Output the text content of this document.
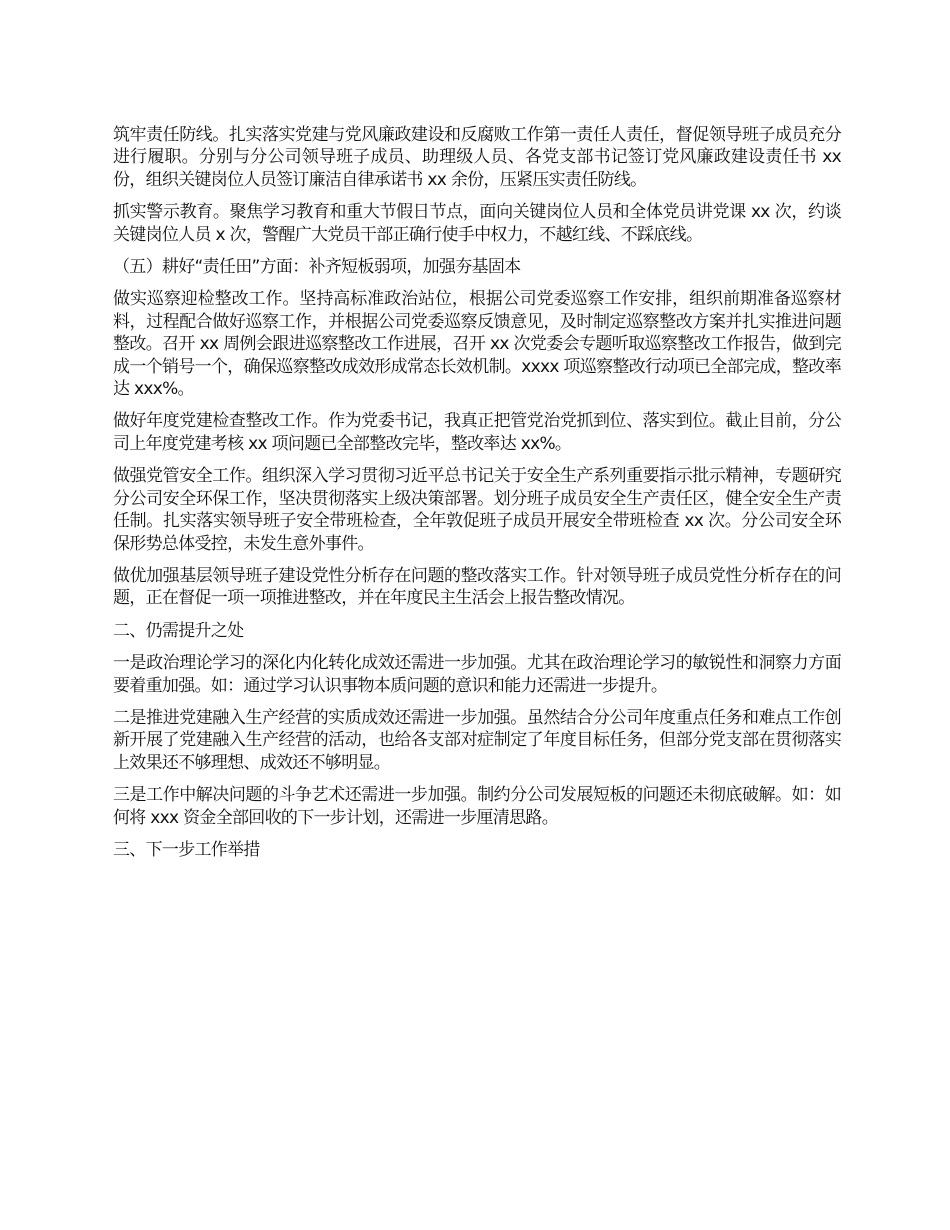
筑牢责任防线。扎实落实党建与党风廉政建设和反腐败工作第一责任人责任，督促领导班子成员充分进行履职。分别与分公司领导班子成员、助理级人员、各党支部书记签订党风廉政建设责任书 xx 份，组织关键岗位人员签订廉洁自律承诺书 xx 余份，压紧压实责任防线。

抓实警示教育。聚焦学习教育和重大节假日节点，面向关键岗位人员和全体党员讲党课 xx 次，约谈关键岗位人员 x 次，警醒广大党员干部正确行使手中权力，不越红线、不踩底线。

（五）耕好“责任田”方面：补齐短板弱项，加强夯基固本

做实巡察迎检整改工作。坚持高标准政治站位，根据公司党委巡察工作安排，组织前期准备巡察材料，过程配合做好巡察工作，并根据公司党委巡察反馈意见，及时制定巡察整改方案并扎实推进问题整改。召开 xx 周例会跟进巡察整改工作进展，召开 xx 次党委会专题听取巡察整改工作报告，做到完成一个销号一个，确保巡察整改成效形成常态长效机制。xxxx 项巡察整改行动项已全部完成，整改率达 xxx%。

做好年度党建检查整改工作。作为党委书记，我真正把管党治党抓到位、落实到位。截止目前，分公司上年度党建考核 xx 项问题已全部整改完毕，整改率达 xx%。

做强党管安全工作。组织深入学习贯彻习近平总书记关于安全生产系列重要指示批示精神，专题研究分公司安全环保工作，坚决贯彻落实上级决策部署。划分班子成员安全生产责任区，健全安全生产责任制。扎实落实领导班子安全带班检查，全年敦促班子成员开展安全带班检查 xx 次。分公司安全环保形势总体受控，未发生意外事件。

做优加强基层领导班子建设党性分析存在问题的整改落实工作。针对领导班子成员党性分析存在的问题，正在督促一项一项推进整改，并在年度民主生活会上报告整改情况。

二、仍需提升之处

一是政治理论学习的深化内化转化成效还需进一步加强。尤其在政治理论学习的敏锐性和洞察力方面要着重加强。如：通过学习认识事物本质问题的意识和能力还需进一步提升。

二是推进党建融入生产经营的实质成效还需进一步加强。虽然结合分公司年度重点任务和难点工作创新开展了党建融入生产经营的活动，也给各支部对症制定了年度目标任务，但部分党支部在贯彻落实上效果还不够理想、成效还不够明显。

三是工作中解决问题的斗争艺术还需进一步加强。制约分公司发展短板的问题还未彻底破解。如：如何将 xxx 资金全部回收的下一步计划，还需进一步厘清思路。

三、下一步工作举措
